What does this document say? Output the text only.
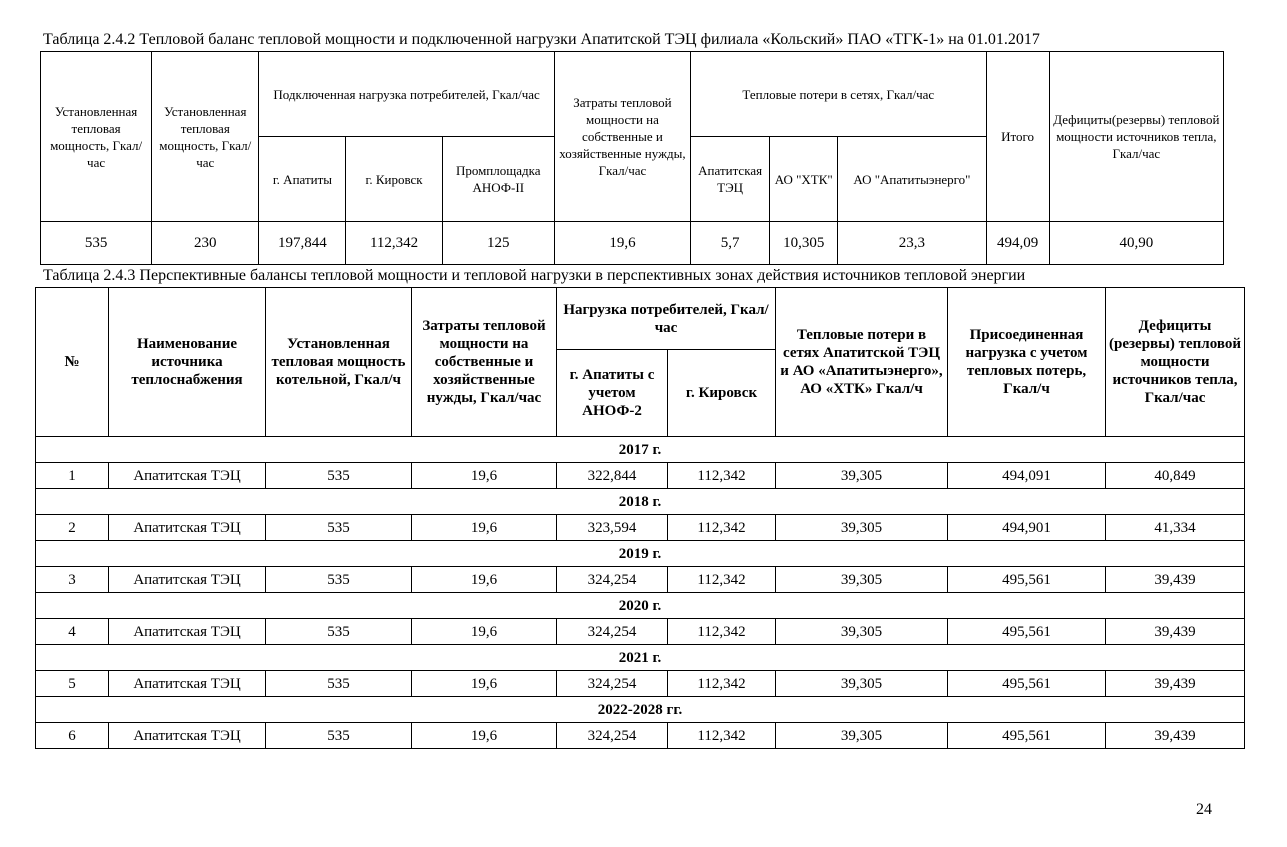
Таблица 2.4.2 Тепловой баланс тепловой мощности и подключенной нагрузки Апатитской ТЭЦ филиала «Кольский» ПАО «ТГК-1» на 01.01.2017
Установленная тепловая мощность, Гкал/час	Установленная тепловая мощность, Гкал/час	Подключенная нагрузка потребителей, Гкал/час			Затраты тепловой мощности на собственные и хозяйственные нужды, Гкал/час	Тепловые потери в сетях, Гкал/час			Итого	Дефициты(резервы) тепловой мощности источников тепла, Гкал/час
		г. Апатиты	г. Кировск	Промплощадка АНОФ-II		Апатитская ТЭЦ	АО "ХТК"	АО "Апатитыэнерго"		
535	230	197,844	112,342	125	19,6	5,7	10,305	23,3	494,09	40,90
Таблица 2.4.3 Перспективные балансы тепловой мощности и тепловой нагрузки в перспективных зонах действия источников тепловой энергии
№	Наименование источника теплоснабжения	Установленная тепловая мощность котельной, Гкал/ч	Затраты тепловой мощности на собственные и хозяйственные нужды, Гкал/час	Нагрузка потребителей, Гкал/час		Тепловые потери в сетях Апатитской ТЭЦ и АО «Апатитыэнерго», АО «ХТК» Гкал/ч	Присоединенная нагрузка с учетом тепловых потерь, Гкал/ч	Дефициты (резервы) тепловой мощности источников тепла, Гкал/час
				г. Апатиты с учетом АНОФ-2	г. Кировск			
2017 г.								
1	Апатитская ТЭЦ	535	19,6	322,844	112,342	39,305	494,091	40,849
2018 г.								
2	Апатитская ТЭЦ	535	19,6	323,594	112,342	39,305	494,901	41,334
2019 г.								
3	Апатитская ТЭЦ	535	19,6	324,254	112,342	39,305	495,561	39,439
2020 г.								
4	Апатитская ТЭЦ	535	19,6	324,254	112,342	39,305	495,561	39,439
2021 г.								
5	Апатитская ТЭЦ	535	19,6	324,254	112,342	39,305	495,561	39,439
2022-2028 гг.								
6	Апатитская ТЭЦ	535	19,6	324,254	112,342	39,305	495,561	39,439
24
